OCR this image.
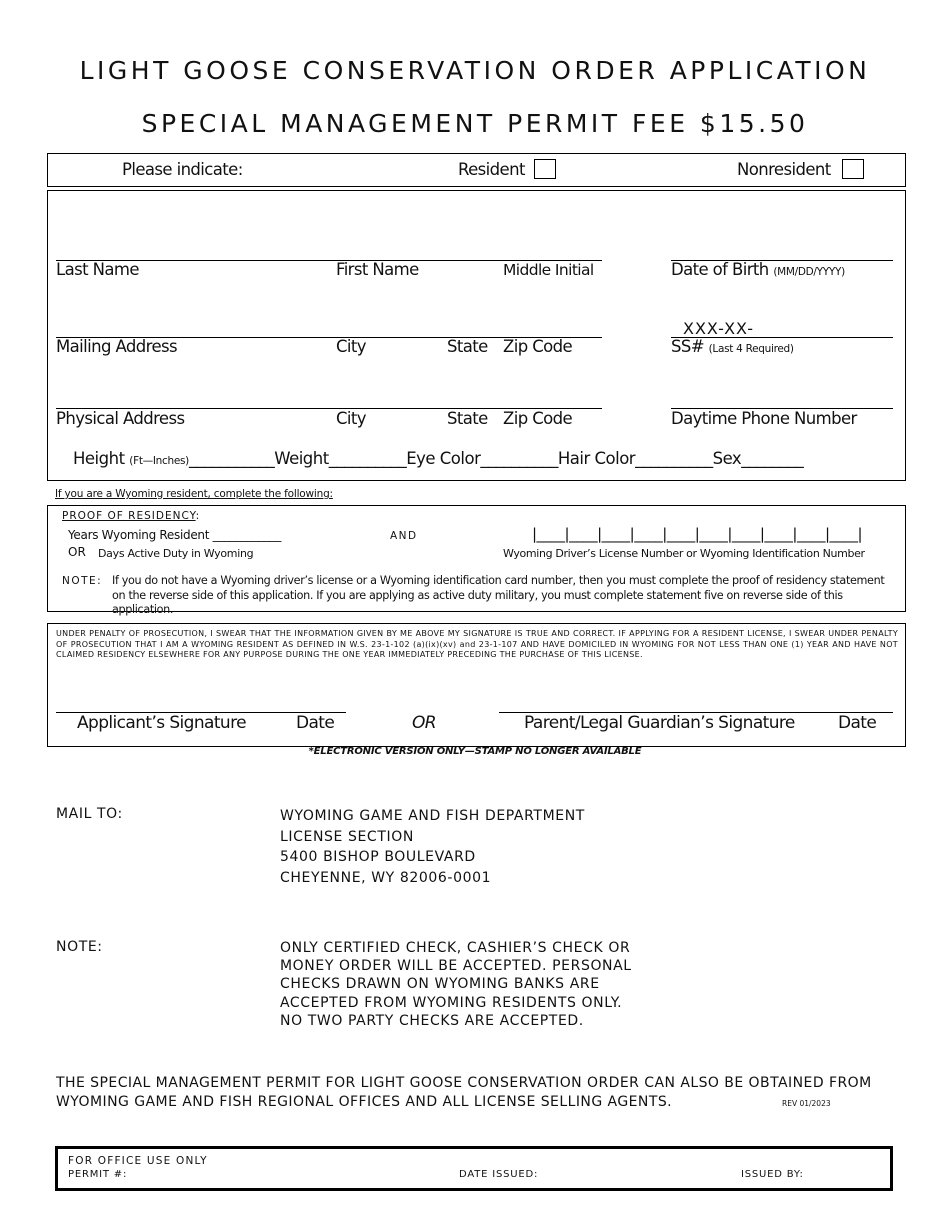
LIGHT GOOSE CONSERVATION ORDER APPLICATION
SPECIAL MANAGEMENT PERMIT FEE $15.50
Please indicate:	Resident	Nonresident
Last Name	First Name	Middle Initial	Date of Birth (MM/DD/YYYY)
XXX-XX-
Mailing Address	City	State Zip Code	SS# (Last 4 Required)
Physical Address	City	State Zip Code	Daytime Phone Number
Height (Ft—Inches)___________Weight__________Eye Color__________Hair Color__________Sex________
If you are a Wyoming resident, complete the following:
PROOF OF RESIDENCY:
Years Wyoming Resident ____________
OR Days Active Duty in Wyoming
AND	|____|____|____|____|____|____|____|____|____|____|
Wyoming Driver’s License Number or Wyoming Identification Number
NOTE: If you do not have a Wyoming driver’s license or a Wyoming identification card number, then you must complete the proof of residency statement on the reverse side of this application. If you are applying as active duty military, you must complete statement five on reverse side of this application.
UNDER PENALTY OF PROSECUTION, I SWEAR THAT THE INFORMATION GIVEN BY ME ABOVE MY SIGNATURE IS TRUE AND CORRECT. IF APPLYING FOR A RESIDENT LICENSE, I SWEAR UNDER PENALTY OF PROSECUTION THAT I AM A WYOMING RESIDENT AS DEFINED IN W.S. 23-1-102 (a)(ix)(xv) and 23-1-107 AND HAVE DOMICILED IN WYOMING FOR NOT LESS THAN ONE (1) YEAR AND HAVE NOT CLAIMED RESIDENCY ELSEWHERE FOR ANY PURPOSE DURING THE ONE YEAR IMMEDIATELY PRECEDING THE PURCHASE OF THIS LICENSE.
Applicant’s Signature	Date	OR	Parent/Legal Guardian’s Signature	Date
*ELECTRONIC VERSION ONLY—STAMP NO LONGER AVAILABLE
MAIL TO:	WYOMING GAME AND FISH DEPARTMENT
LICENSE SECTION
5400 BISHOP BOULEVARD
CHEYENNE, WY 82006-0001
NOTE:	ONLY CERTIFIED CHECK, CASHIER’S CHECK OR
MONEY ORDER WILL BE ACCEPTED. PERSONAL
CHECKS DRAWN ON WYOMING BANKS ARE
ACCEPTED FROM WYOMING RESIDENTS ONLY.
NO TWO PARTY CHECKS ARE ACCEPTED.
THE SPECIAL MANAGEMENT PERMIT FOR LIGHT GOOSE CONSERVATION ORDER CAN ALSO BE OBTAINED FROM
WYOMING GAME AND FISH REGIONAL OFFICES AND ALL LICENSE SELLING AGENTS.	REV 01/2023
FOR OFFICE USE ONLY
PERMIT #:	DATE ISSUED:	ISSUED BY:
